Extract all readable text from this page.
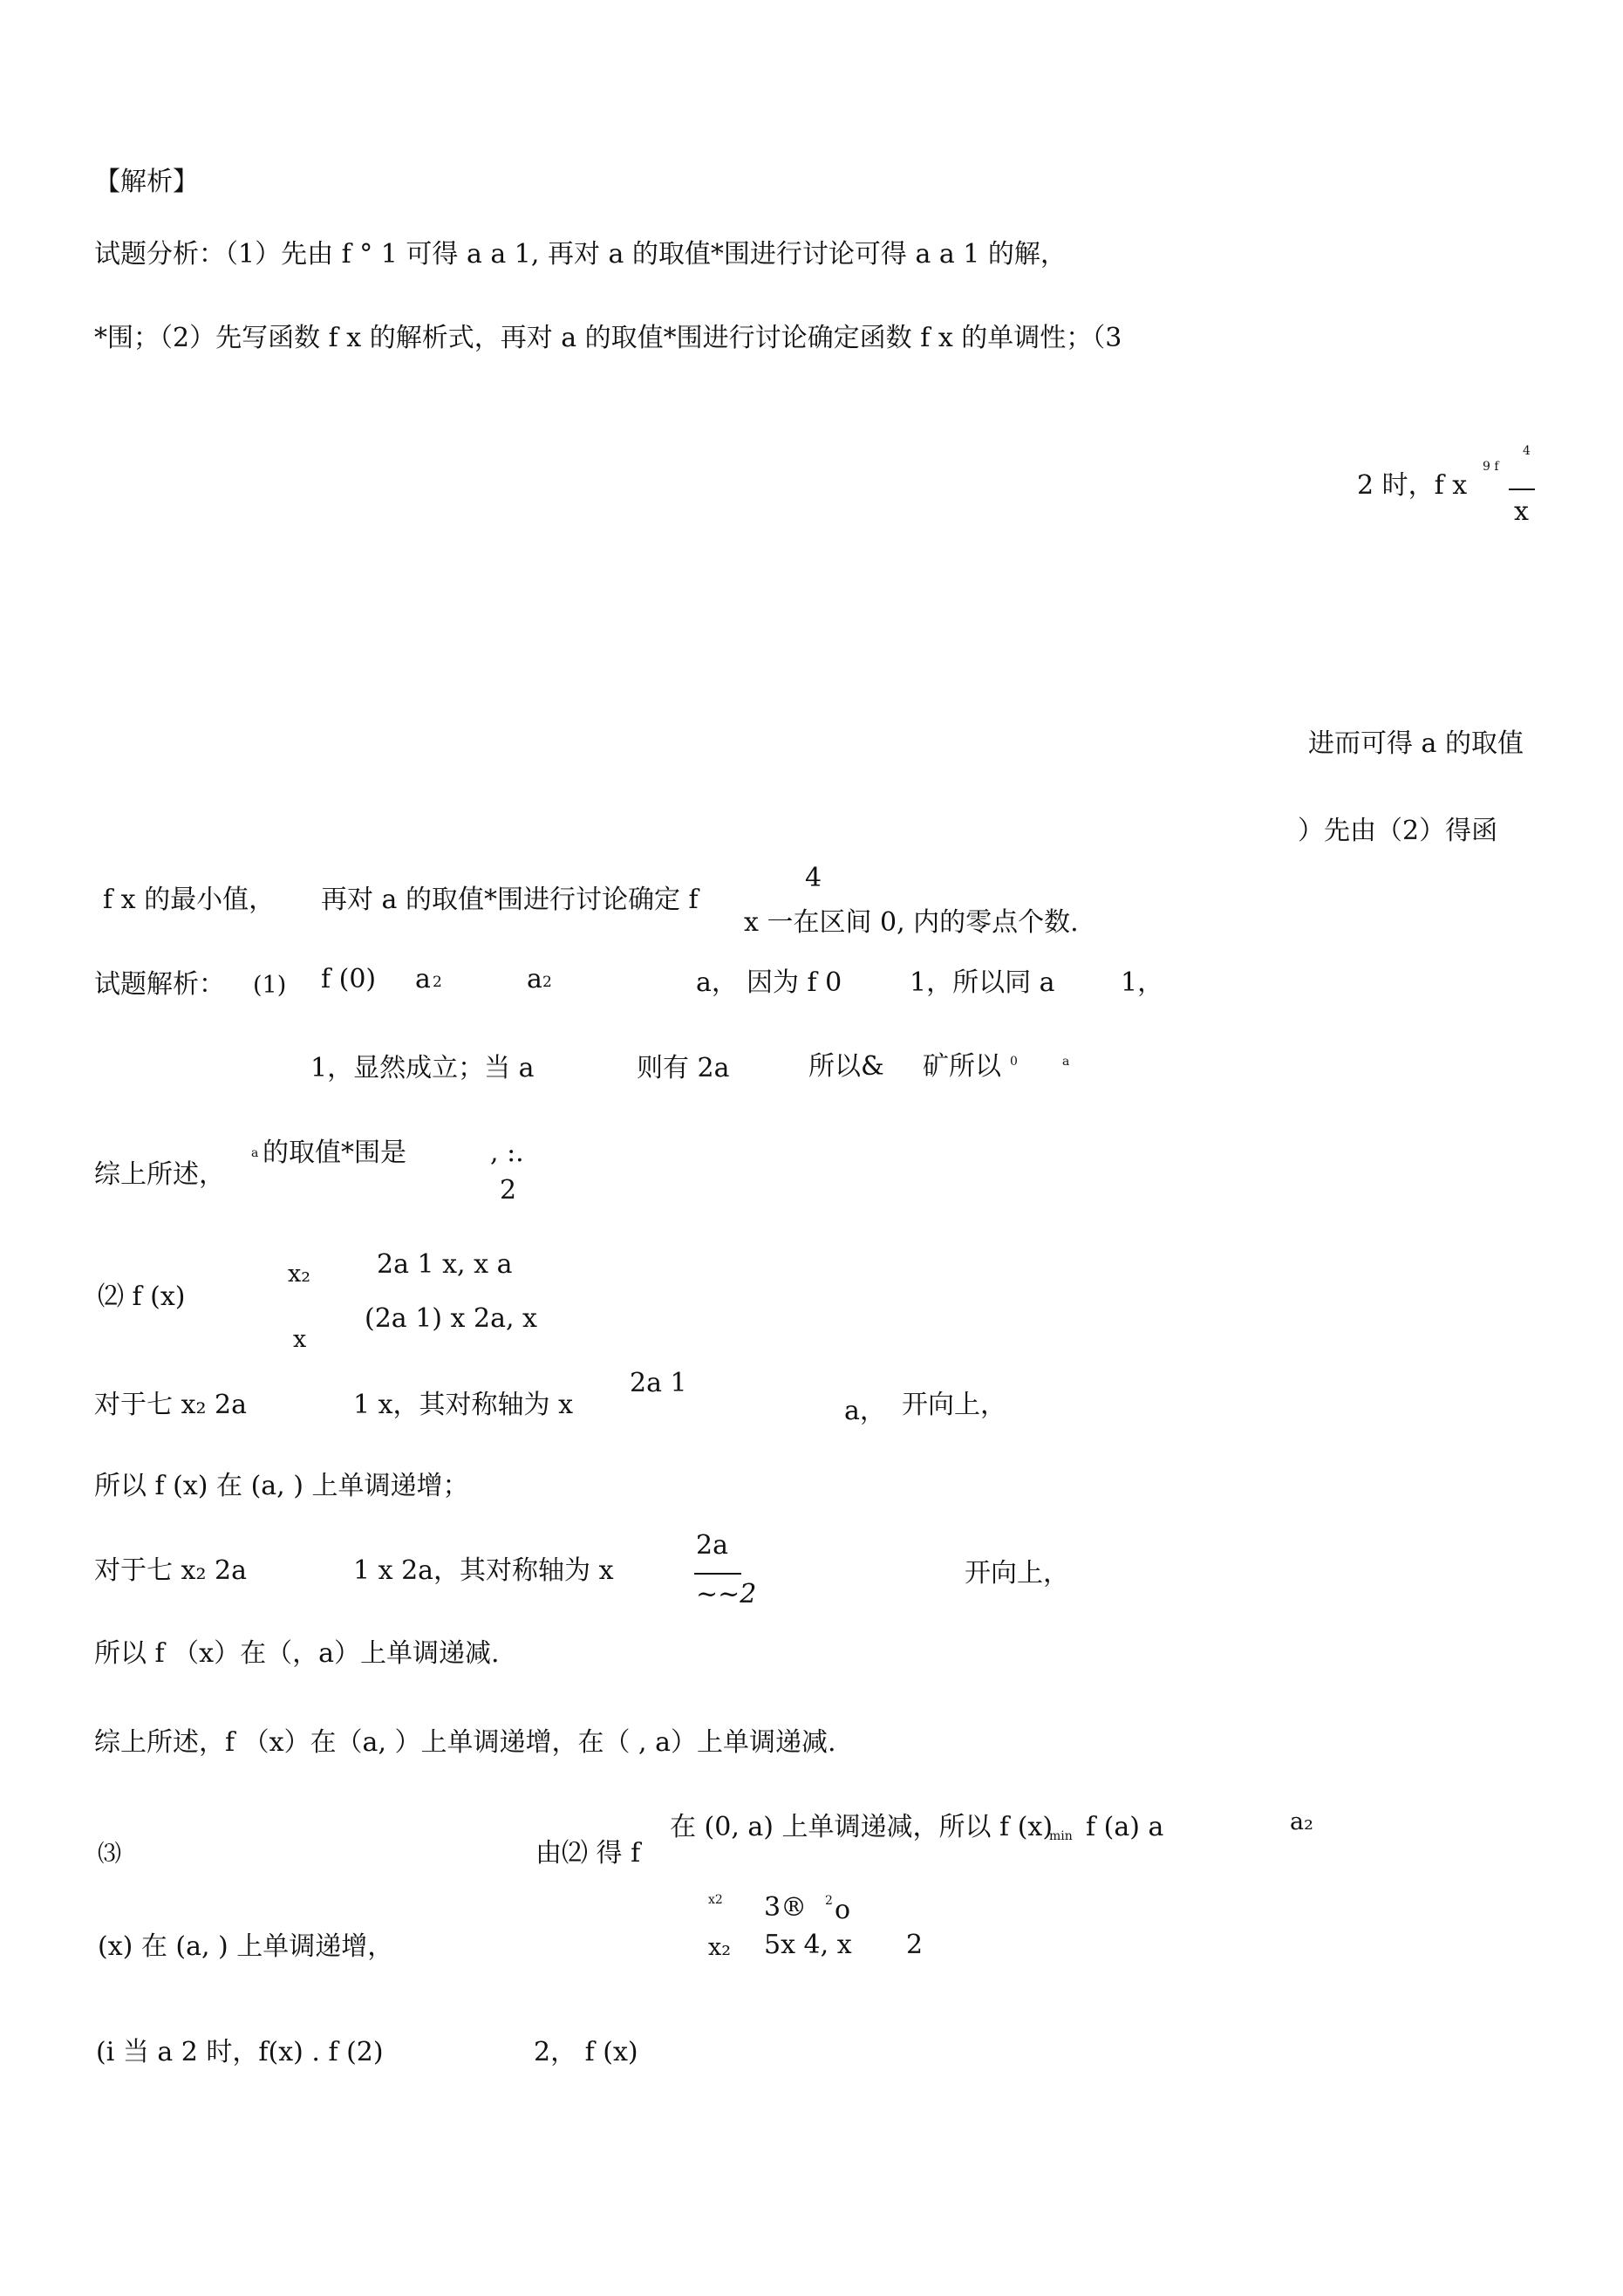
【解析】
试题分析：（1）先由 f ° 1 可得 a a 1, 再对 a 的取值*围进行讨论可得 a a 1 的解，
*围；（2）先写函数 f x 的解析式，再对 a 的取值*围进行讨论确定函数 f x 的单调性；（3
2 时，f x
9 f
4
x
进而可得 a 的取值
）先由（2）得函
f x 的最小值， 再对 a 的取值*围进行讨论确定 f
4
x 一在区间 0, 内的零点个数.
试题解析： (1) f (0) a 2	a 2	a， 因为 f 0	1，所以同 a	1，
1，显然成立；当 a	则有 2a	所以& 矿所以 0	a
综上所述，
a 的取值*围是	, :.
2
⑵ f (x)
x₂
x
2a 1 x, x a
(2a 1) x 2a, x
对于七 x₂ 2a	1 x，其对称轴为 x
2a 1
a， 开向上，
所以 f (x) 在 (a, ) 上单调递增；
对于七 x₂ 2a	1 x 2a，其对称轴为 x
2a
~~2
开向上，
所以 f （x）在（，a）上单调递减.
综上所述，f （x）在（a, ）上单调递增，在（ , a）上单调递减.
⑶	由⑵ 得 f
在 (0, a) 上单调递减，所以 f (x)
min f (a) a	a₂
x2 3® 2 o
(x) 在 (a, ) 上单调递增，	x₂ 5x 4, x 2
(i 当 a 2 时，f(x) . f (2)	2， f (x)
